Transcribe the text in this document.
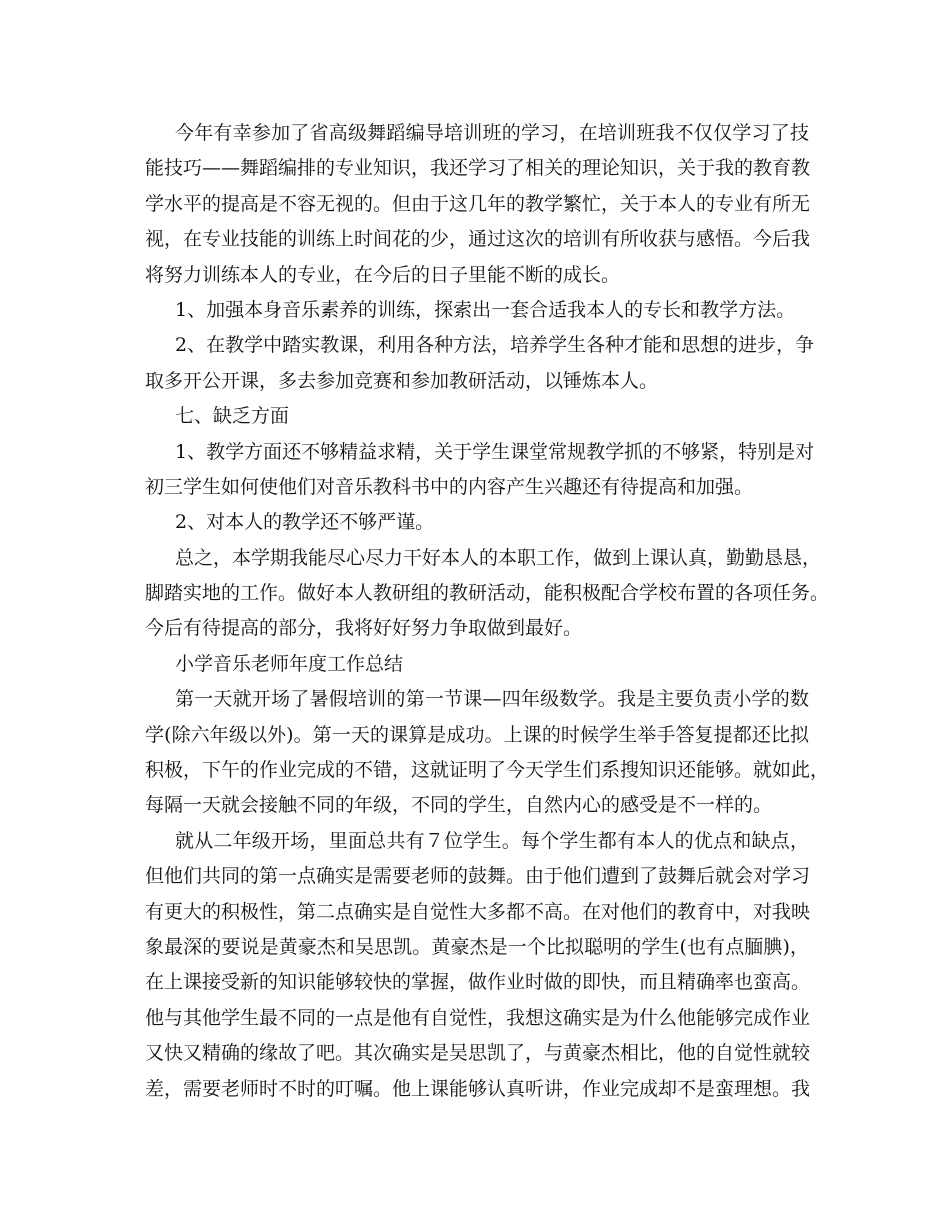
今年有幸参加了省高级舞蹈编导培训班的学习，在培训班我不仅仅学习了技
能技巧——舞蹈编排的专业知识，我还学习了相关的理论知识，关于我的教育教
学水平的提高是不容无视的。但由于这几年的教学繁忙，关于本人的专业有所无
视，在专业技能的训练上时间花的少，通过这次的培训有所收获与感悟。今后我
将努力训练本人的专业，在今后的日子里能不断的成长。
1、加强本身音乐素养的训练，探索出一套合适我本人的专长和教学方法。
2、在教学中踏实教课，利用各种方法，培养学生各种才能和思想的进步，争
取多开公开课，多去参加竞赛和参加教研活动，以锤炼本人。
七、缺乏方面
1、教学方面还不够精益求精，关于学生课堂常规教学抓的不够紧，特别是对
初三学生如何使他们对音乐教科书中的内容产生兴趣还有待提高和加强。
2、对本人的教学还不够严谨。
总之，本学期我能尽心尽力干好本人的本职工作，做到上课认真，勤勤恳恳，
脚踏实地的工作。做好本人教研组的教研活动，能积极配合学校布置的各项任务。
今后有待提高的部分，我将好好努力争取做到最好。
小学音乐老师年度工作总结
第一天就开场了暑假培训的第一节课—四年级数学。我是主要负责小学的数
学(除六年级以外)。第一天的课算是成功。上课的时候学生举手答复提都还比拟
积极，下午的作业完成的不错，这就证明了今天学生们系搜知识还能够。就如此，
每隔一天就会接触不同的年级，不同的学生，自然内心的感受是不一样的。
就从二年级开场，里面总共有７位学生。每个学生都有本人的优点和缺点，
但他们共同的第一点确实是需要老师的鼓舞。由于他们遭到了鼓舞后就会对学习
有更大的积极性，第二点确实是自觉性大多都不高。在对他们的教育中，对我映
象最深的要说是黄豪杰和吴思凯。黄豪杰是一个比拟聪明的学生(也有点腼腆)，
在上课接受新的知识能够较快的掌握，做作业时做的即快，而且精确率也蛮高。
他与其他学生最不同的一点是他有自觉性，我想这确实是为什么他能够完成作业
又快又精确的缘故了吧。其次确实是吴思凯了，与黄豪杰相比，他的自觉性就较
差，需要老师时不时的叮嘱。他上课能够认真听讲，作业完成却不是蛮理想。我
